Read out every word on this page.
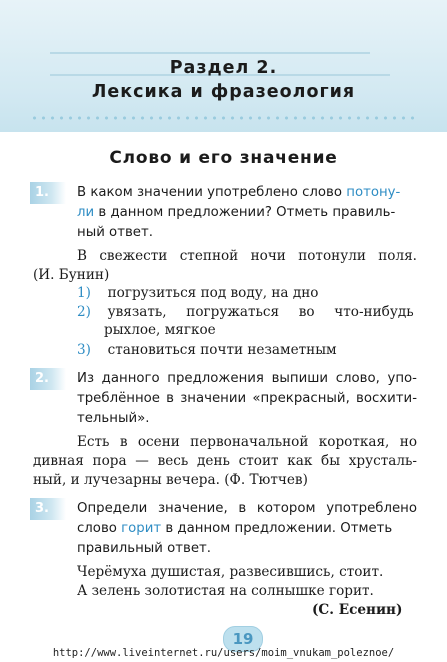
Раздел 2.
Лексика и фразеология
Слово и его значение
1.	В каком значении употреблено слово потону-
ли в данном предложении? Отметь правиль-
ный ответ.
В свежести степной ночи потонули поля.
(И. Бунин)
1) погрузиться под воду, на дно
2) увязать, погружаться во что-нибудь
рыхлое, мягкое
3) становиться почти незаметным
2.	Из данного предложения выпиши слово, упо-
треблённое в значении «прекрасный, восхити-
тельный».
Есть в осени первоначальной короткая, но
дивная пора — весь день стоит как бы хрусталь-
ный, и лучезарны вечера. (Ф. Тютчев)
3.	Определи значение, в котором употреблено
слово горит в данном предложении. Отметь
правильный ответ.
Черёмуха душистая, развесившись, стоит.
А зелень золотистая на солнышке горит.
(С. Есенин)
19
http://www.liveinternet.ru/users/moim_vnukam_poleznoe/
